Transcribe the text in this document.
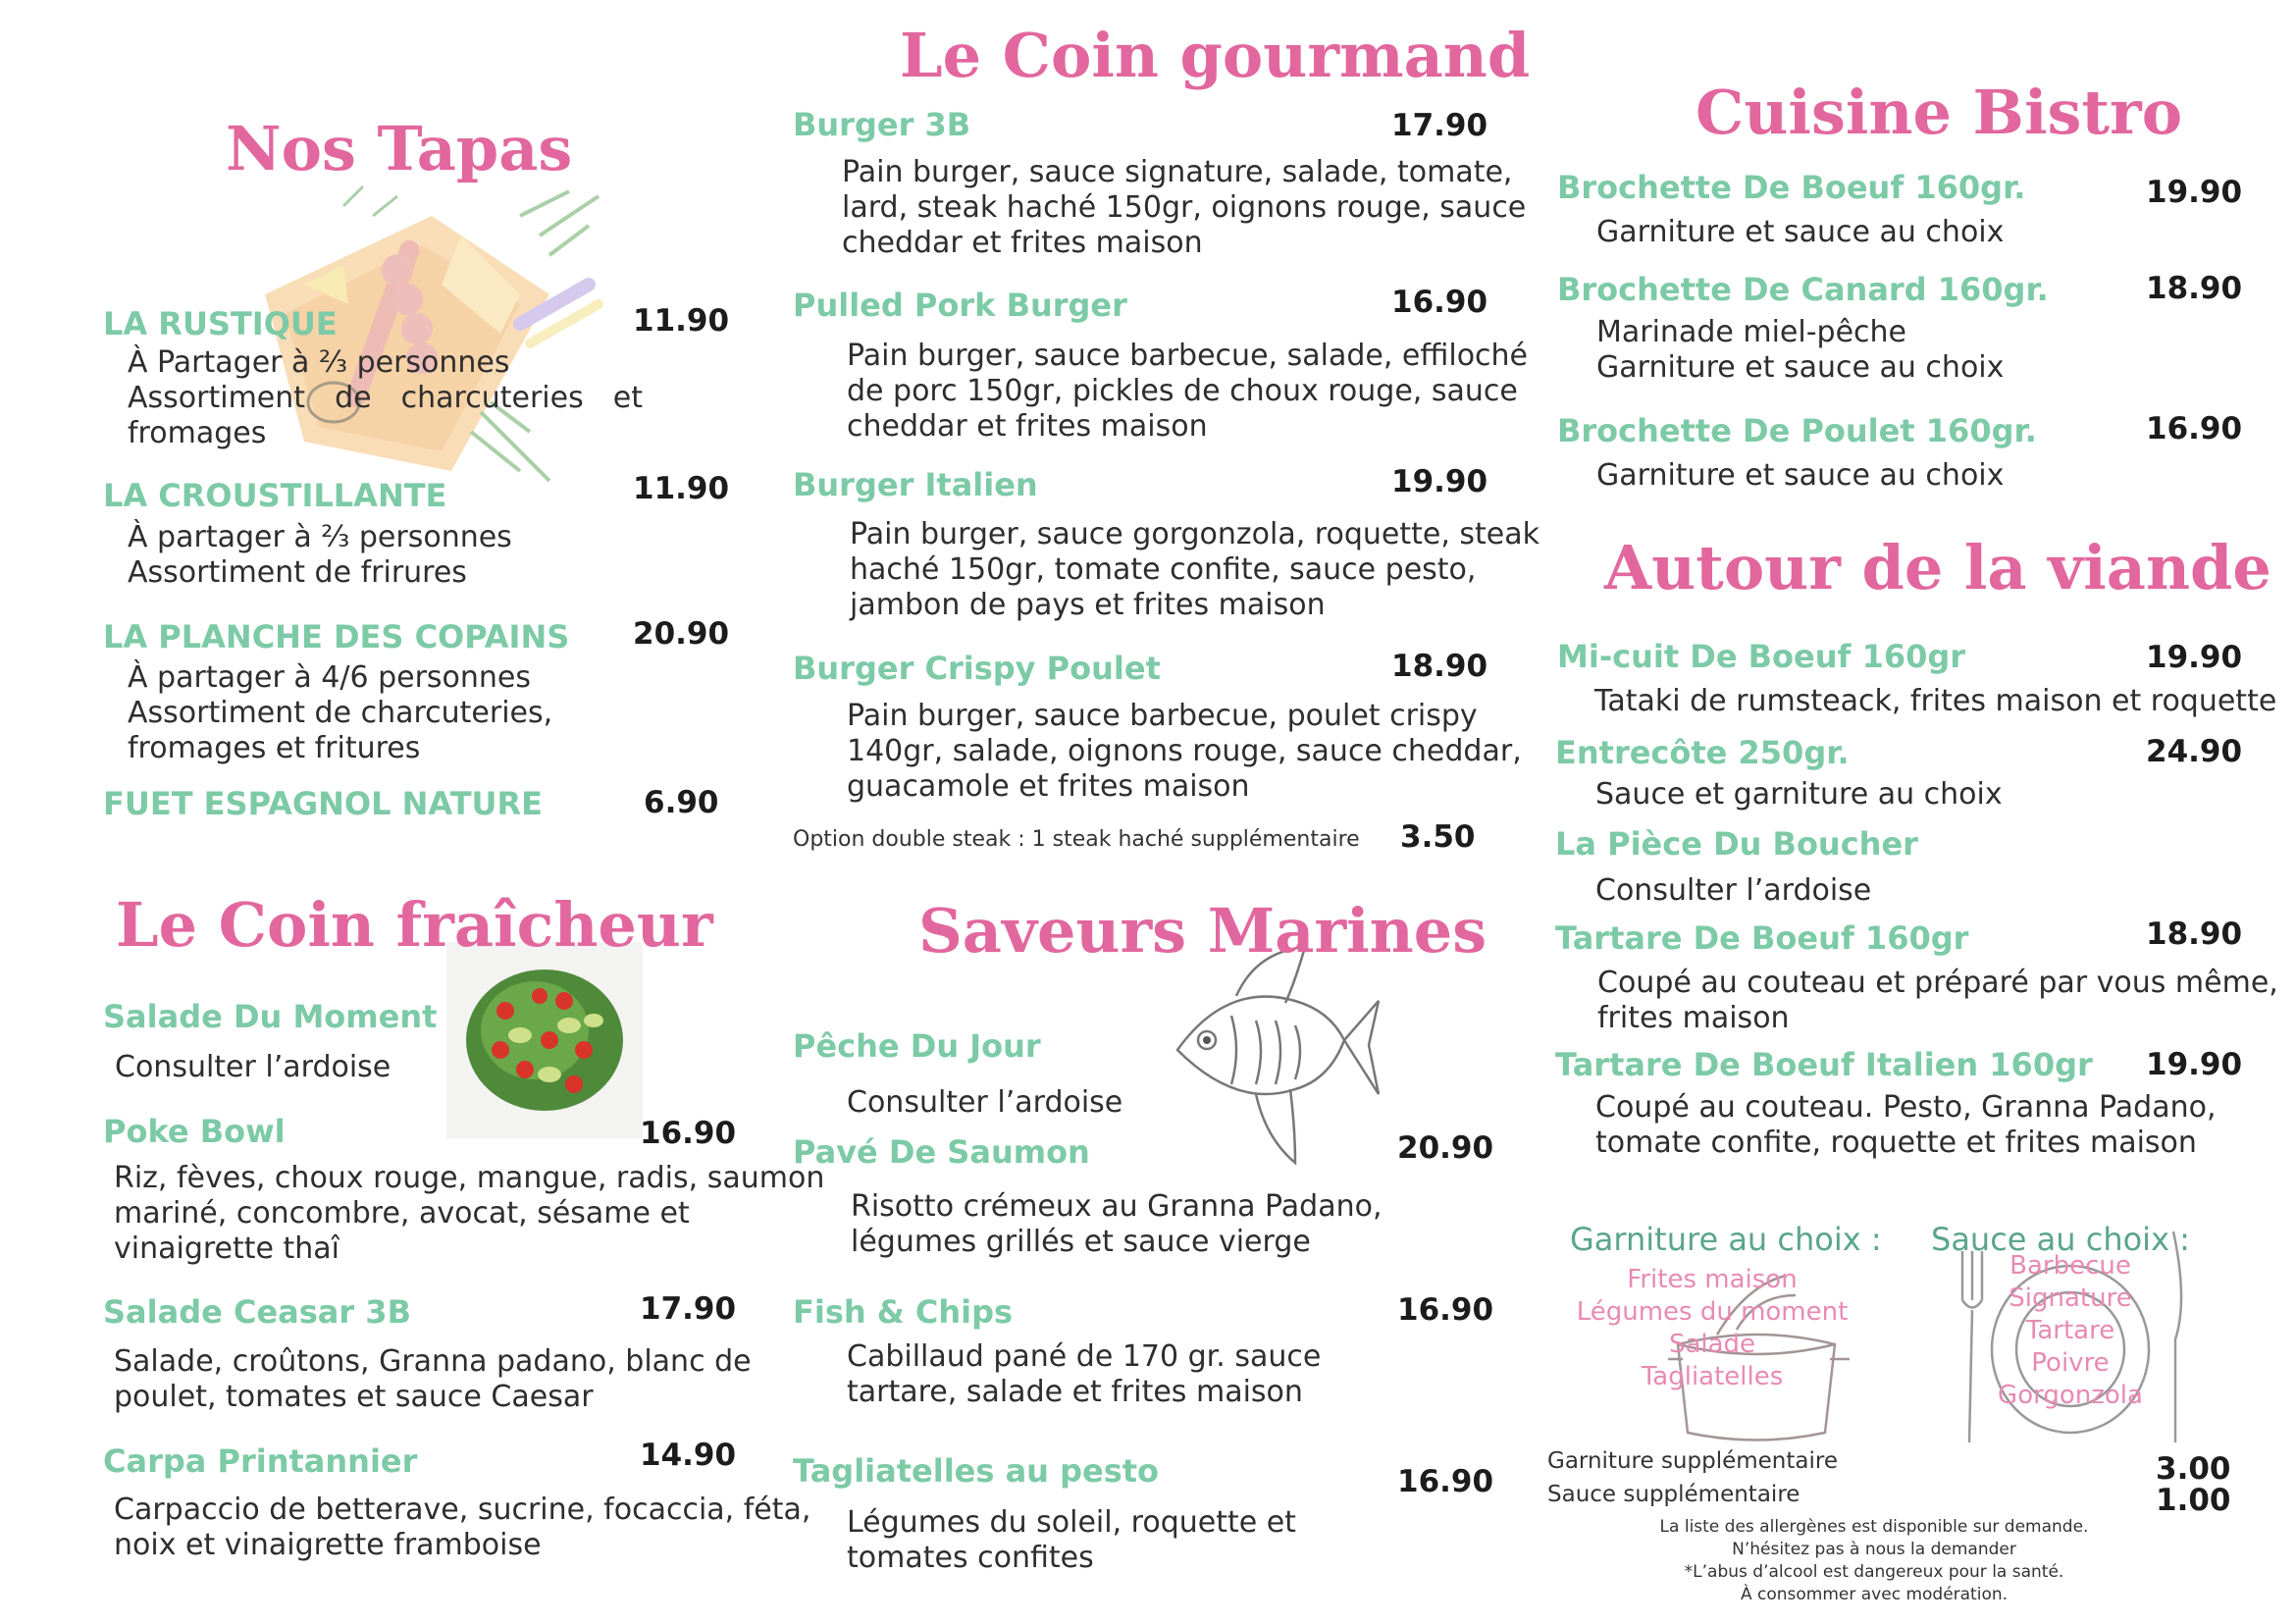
Nos Tapas
Le Coin fraîcheur
Le Coin gourmand
Saveurs Marines
Cuisine Bistro
Autour de la viande
LA RUSTIQUE	11.90
À Partager à ⅔ personnes
Assortiment de charcuteries et
fromages
LA CROUSTILLANTE	11.90
À partager à ⅔ personnes
Assortiment de frirures
LA PLANCHE DES COPAINS 20.90
À partager à 4/6 personnes
Assortiment de charcuteries,
fromages et fritures
FUET ESPAGNOL NATURE	6.90
Salade Du Moment
Consulter l’ardoise
Poke Bowl	16.90
Riz, fèves, choux rouge, mangue, radis, saumon
mariné, concombre, avocat, sésame et
vinaigrette thaî
Salade Ceasar 3B	17.90
Salade, croûtons, Granna padano, blanc de
poulet, tomates et sauce Caesar
Carpa Printannier	14.90
Carpaccio de betterave, sucrine, focaccia, féta,
noix et vinaigrette framboise
Burger 3B	17.90
Pain burger, sauce signature, salade, tomate,
lard, steak haché 150gr, oignons rouge, sauce
cheddar et frites maison
Pulled Pork Burger	16.90
Pain burger, sauce barbecue, salade, effiloché
de porc 150gr, pickles de choux rouge, sauce
cheddar et frites maison
Burger Italien	19.90
Pain burger, sauce gorgonzola, roquette, steak
haché 150gr, tomate confite, sauce pesto,
jambon de pays et frites maison
Burger Crispy Poulet	18.90
Pain burger, sauce barbecue, poulet crispy
140gr, salade, oignons rouge, sauce cheddar,
guacamole et frites maison
Option double steak : 1 steak haché supplémentaire 3.50
Pêche Du Jour
Consulter l’ardoise
Pavé De Saumon	20.90
Risotto crémeux au Granna Padano,
légumes grillés et sauce vierge
Fish & Chips	16.90
Cabillaud pané de 170 gr. sauce
tartare, salade et frites maison
Tagliatelles au pesto	16.90
Légumes du soleil, roquette et
tomates confites
Brochette De Boeuf 160gr.	19.90
Garniture et sauce au choix
Brochette De Canard 160gr.	18.90
Marinade miel-pêche
Garniture et sauce au choix
Brochette De Poulet 160gr.	16.90
Garniture et sauce au choix
Mi-cuit De Boeuf 160gr	19.90
Tataki de rumsteack, frites maison et roquette
Entrecôte 250gr.	24.90
Sauce et garniture au choix
La Pièce Du Boucher
Consulter l’ardoise
Tartare De Boeuf 160gr	18.90
Coupé au couteau et préparé par vous même,
frites maison
Tartare De Boeuf Italien 160gr 19.90
Coupé au couteau. Pesto, Granna Padano,
tomate confite, roquette et frites maison
Garniture au choix :
Frites maison
Légumes du moment
Salade
Tagliatelles
Sauce au choix :
Barbecue
Signature
Tartare
Poivre
Gorgonzola
Garniture supplémentaire	3.00
Sauce supplémentaire	1.00
La liste des allergènes est disponible sur demande.
N’hésitez pas à nous la demander
*L’abus d’alcool est dangereux pour la santé.
À consommer avec modération.
